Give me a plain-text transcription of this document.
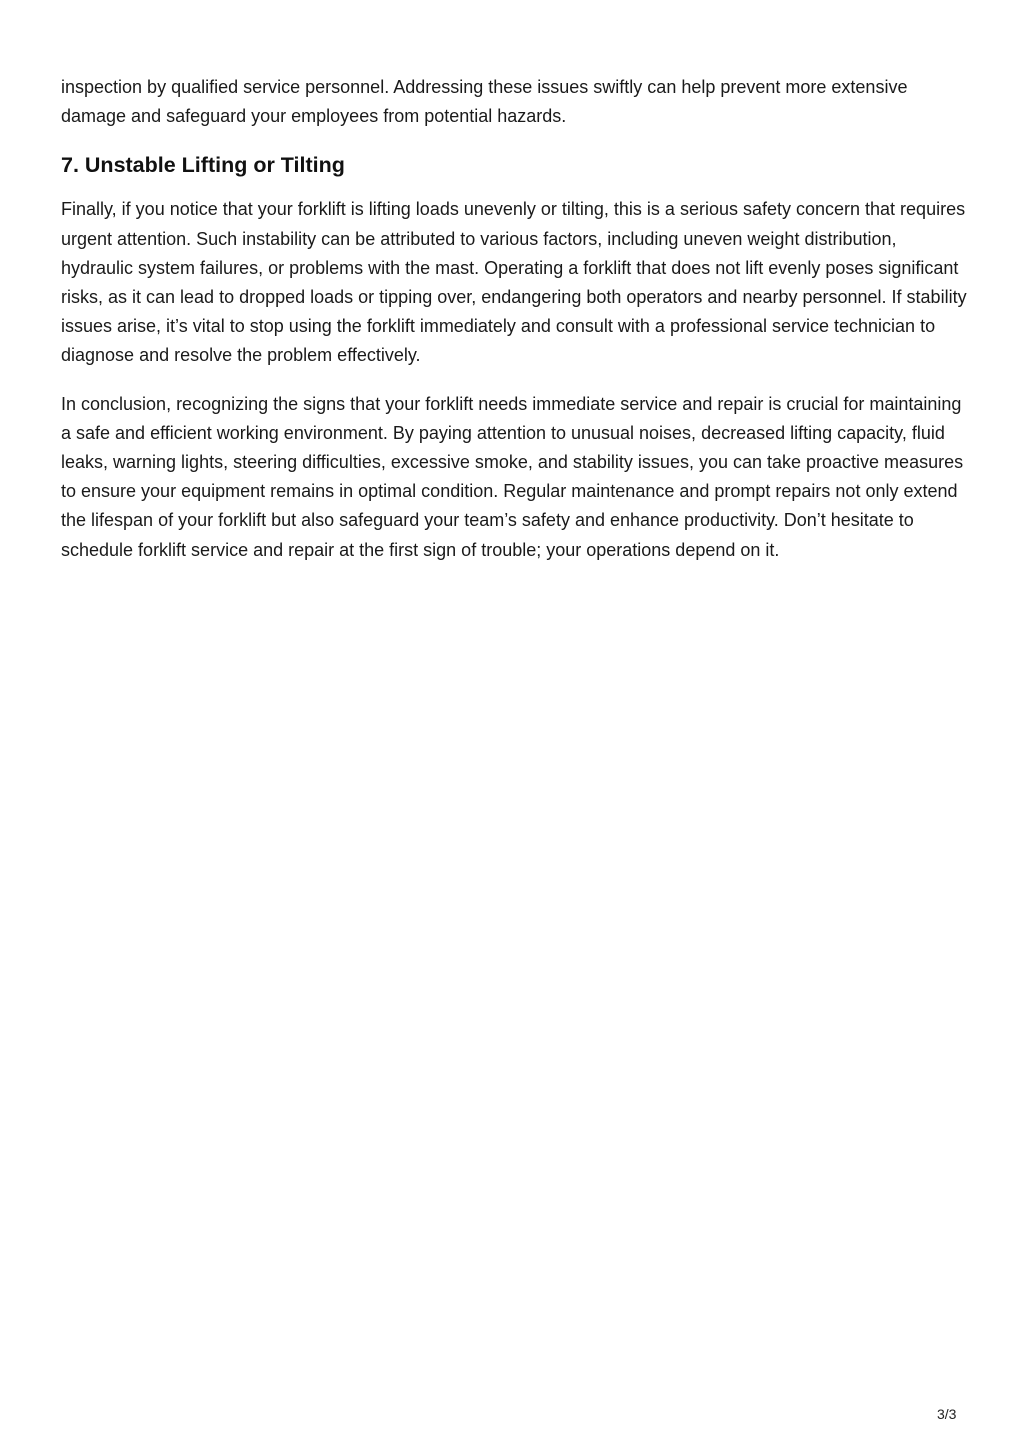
inspection by qualified service personnel. Addressing these issues swiftly can help prevent more extensive damage and safeguard your employees from potential hazards.

7. Unstable Lifting or Tilting

Finally, if you notice that your forklift is lifting loads unevenly or tilting, this is a serious safety concern that requires urgent attention. Such instability can be attributed to various factors, including uneven weight distribution, hydraulic system failures, or problems with the mast. Operating a forklift that does not lift evenly poses significant risks, as it can lead to dropped loads or tipping over, endangering both operators and nearby personnel. If stability issues arise, it’s vital to stop using the forklift immediately and consult with a professional service technician to diagnose and resolve the problem effectively.

In conclusion, recognizing the signs that your forklift needs immediate service and repair is crucial for maintaining a safe and efficient working environment. By paying attention to unusual noises, decreased lifting capacity, fluid leaks, warning lights, steering difficulties, excessive smoke, and stability issues, you can take proactive measures to ensure your equipment remains in optimal condition. Regular maintenance and prompt repairs not only extend the lifespan of your forklift but also safeguard your team’s safety and enhance productivity. Don’t hesitate to schedule forklift service and repair at the first sign of trouble; your operations depend on it.

3/3
